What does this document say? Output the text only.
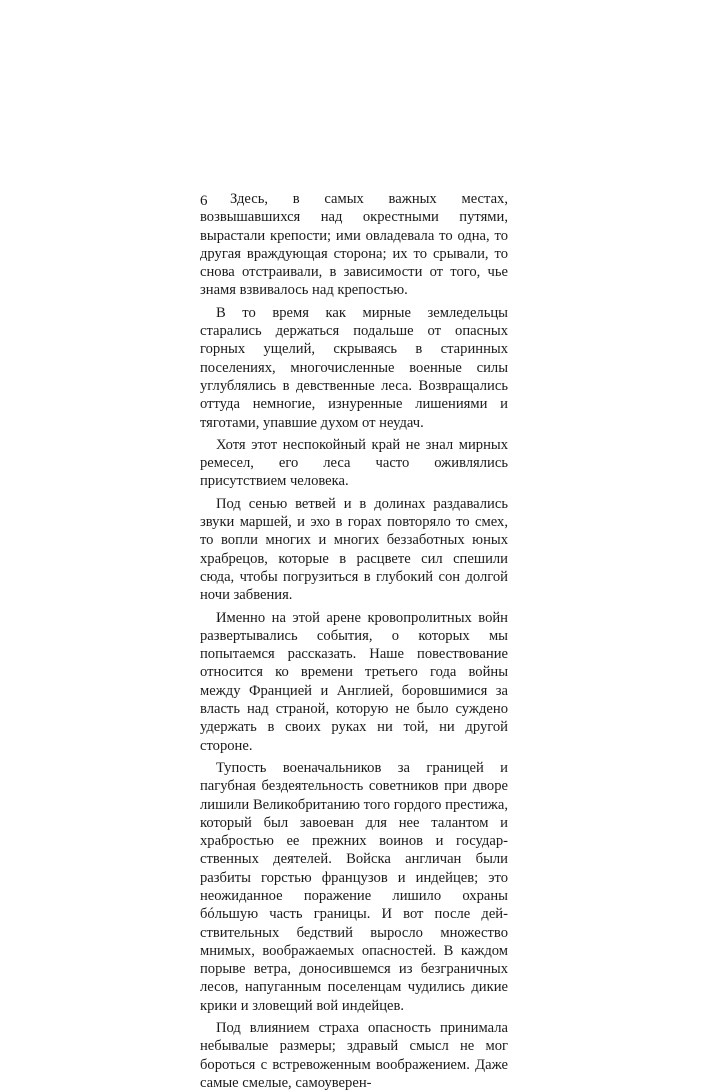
6	Здесь, в самых важных местах, возвышавшихся над окрестными путями, вырастали крепости; ими овладевала то одна, то другая враждующая сторона; их то срывали, то снова отстраивали, в зависимости от того, чье знамя взвивалось над крепостью.

В то время как мирные земледельцы старались держаться подальше от опасных горных ущелий, скрываясь в старинных поселениях, многочисленные военные силы углублялись в девственные леса. Возвращались оттуда немногие, изнуренные лишениями и тяготами, упавшие духом от неудач.

Хотя этот неспокойный край не знал мирных ремесел, его леса часто оживлялись присутствием человека.

Под сенью ветвей и в долинах раздавались звуки маршей, и эхо в горах повторяло то смех, то вопли многих и многих беззаботных юных храбрецов, которые в расцвете сил спешили сюда, чтобы погрузиться в глубокий сон долгой ночи забвения.

Именно на этой арене кровопролитных войн развертывались события, о которых мы попытаемся рассказать. Наше повествование относится ко времени третьего года войны между Францией и Англией, боровшимися за власть над страной, которую не было суждено удержать в своих руках ни той, ни другой стороне.

Тупость военачальников за границей и пагубная бездеятельность советников при дворе лишили Великобританию того гордого престижа, который был завоеван для нее талантом и храбростью ее прежних воинов и государственных деятелей. Войска англичан были разбиты горстью французов и индейцев; это неожиданное поражение лишило охраны бóльшую часть границы. И вот после действительных бедствий выросло множество мнимых, воображаемых опасностей. В каждом порыве ветра, доносившемся из безграничных лесов, напуганным поселенцам чудились дикие крики и зловещий вой индейцев.

Под влиянием страха опасность принимала небывалые размеры; здравый смысл не мог бороться с встревоженным воображением. Даже самые смелые, самоуверен-
